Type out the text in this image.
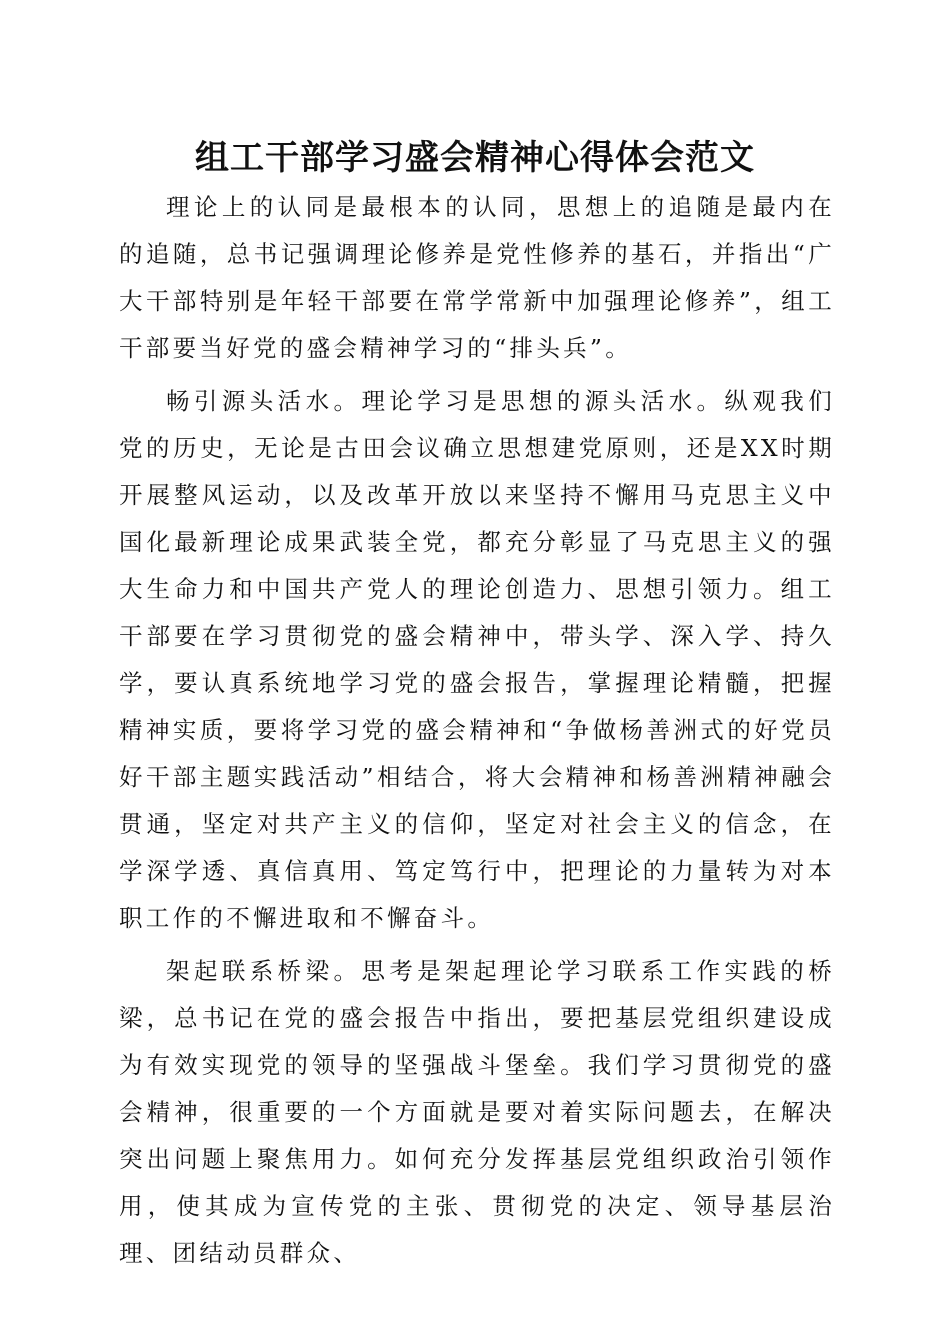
组工干部学习盛会精神心得体会范文

理论上的认同是最根本的认同，思想上的追随是最内在的追随，总书记强调理论修养是党性修养的基石，并指出“广大干部特别是年轻干部要在常学常新中加强理论修养”，组工干部要当好党的盛会精神学习的“排头兵”。

畅引源头活水。理论学习是思想的源头活水。纵观我们党的历史，无论是古田会议确立思想建党原则，还是XX时期开展整风运动，以及改革开放以来坚持不懈用马克思主义中国化最新理论成果武装全党，都充分彰显了马克思主义的强大生命力和中国共产党人的理论创造力、思想引领力。组工干部要在学习贯彻党的盛会精神中，带头学、深入学、持久学，要认真系统地学习党的盛会报告，掌握理论精髓，把握精神实质，要将学习党的盛会精神和“争做杨善洲式的好党员好干部主题实践活动”相结合，将大会精神和杨善洲精神融会贯通，坚定对共产主义的信仰，坚定对社会主义的信念，在学深学透、真信真用、笃定笃行中，把理论的力量转为对本职工作的不懈进取和不懈奋斗。

架起联系桥梁。思考是架起理论学习联系工作实践的桥梁，总书记在党的盛会报告中指出，要把基层党组织建设成为有效实现党的领导的坚强战斗堡垒。我们学习贯彻党的盛会精神，很重要的一个方面就是要对着实际问题去，在解决突出问题上聚焦用力。如何充分发挥基层党组织政治引领作用，使其成为宣传党的主张、贯彻党的决定、领导基层治理、团结动员群众、
